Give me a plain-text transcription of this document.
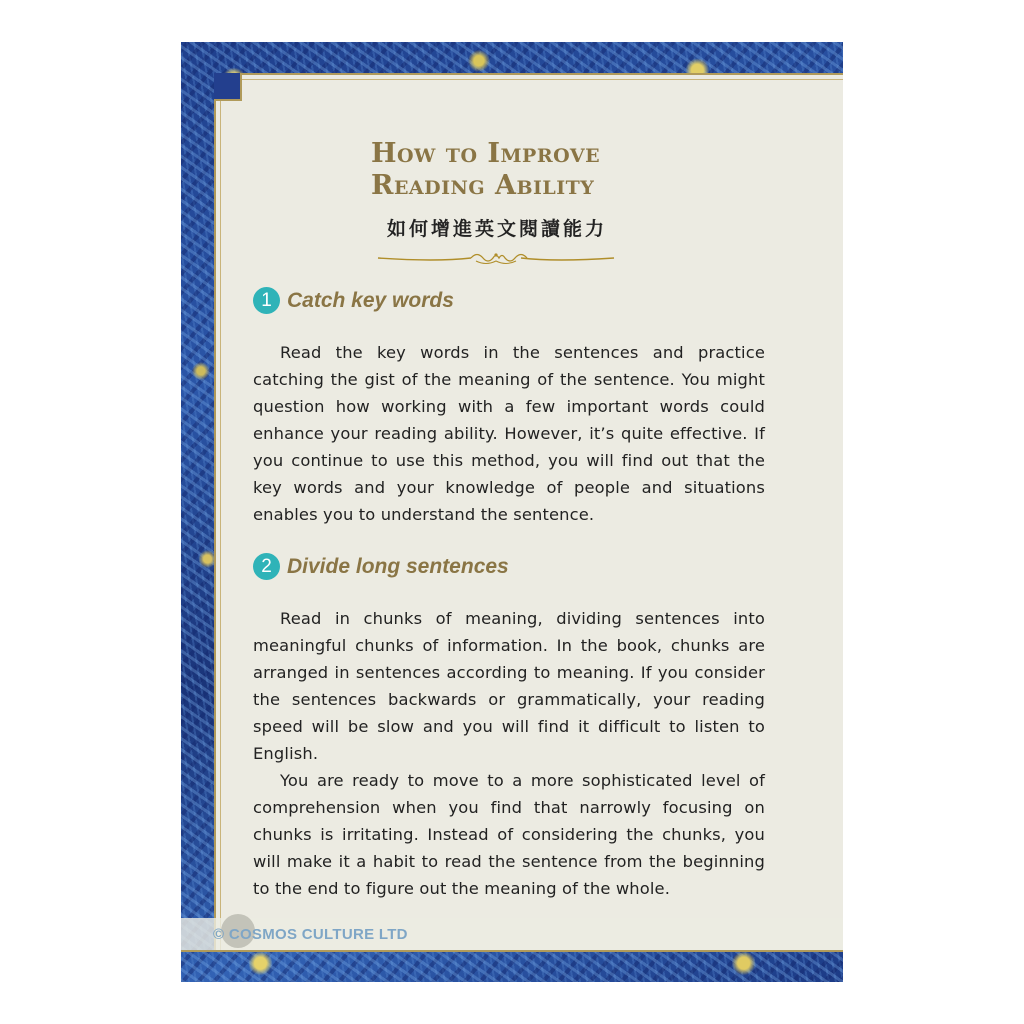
How to Improve
Reading Ability
如何增進英文閱讀能力
1 Catch key words

Read the key words in the sentences and practice catching the gist of the meaning of the sentence. You might question how working with a few important words could enhance your reading ability. However, it’s quite effective. If you continue to use this method, you will find out that the key words and your knowledge of people and situations enables you to understand the sentence.

2 Divide long sentences

Read in chunks of meaning, dividing sentences into meaningful chunks of information. In the book, chunks are arranged in sentences according to meaning. If you consider the sentences backwards or grammatically, your reading speed will be slow and you will find it difficult to listen to English.

You are ready to move to a more sophisticated level of comprehension when you find that narrowly focusing on chunks is irritating. Instead of considering the chunks, you will make it a habit to read the sentence from the beginning to the end to figure out the meaning of the whole.

© COSMOS CULTURE LTD
